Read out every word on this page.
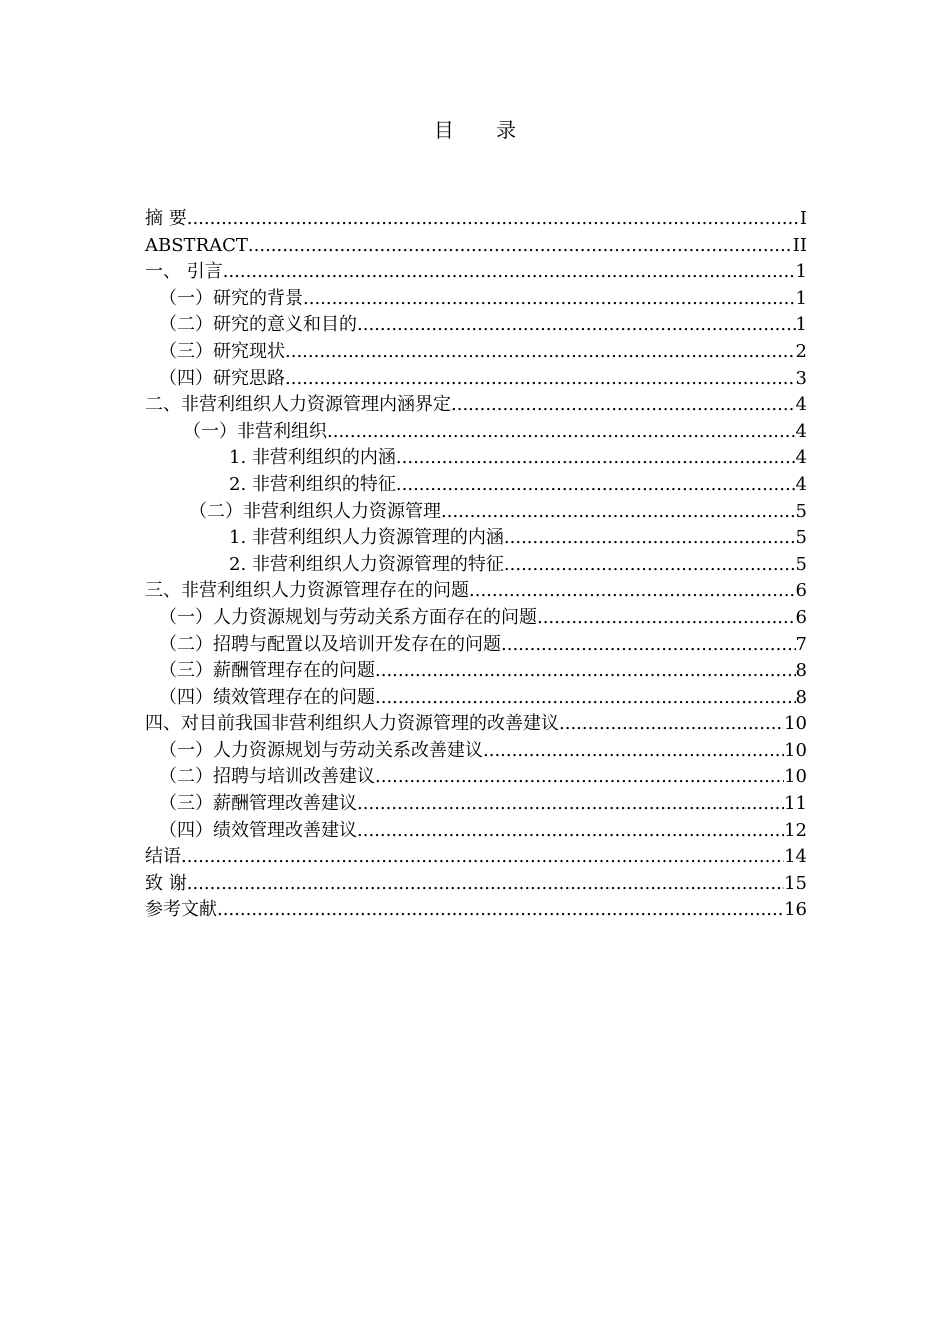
目 录
摘 要 .....	I
ABSTRACT .....	II
一、 引言 .....	1
（一）研究的背景 .....	1
（二）研究的意义和目的 .....	1
（三）研究现状 .....	2
（四）研究思路 .....	3
二、非营利组织人力资源管理内涵界定 .....	4
（一）非营利组织 .....	4
1. 非营利组织的内涵 .....	4
2. 非营利组织的特征 .....	4
（二）非营利组织人力资源管理 .....	5
1. 非营利组织人力资源管理的内涵 .....	5
2. 非营利组织人力资源管理的特征 .....	5
三、非营利组织人力资源管理存在的问题 .....	6
（一）人力资源规划与劳动关系方面存在的问题 .....	6
（二）招聘与配置以及培训开发存在的问题 .....	7
（三）薪酬管理存在的问题 .....	8
（四）绩效管理存在的问题 .....	8
四、对目前我国非营利组织人力资源管理的改善建议 .....	10
（一）人力资源规划与劳动关系改善建议 .....	10
（二）招聘与培训改善建议 .....	10
（三）薪酬管理改善建议 .....	11
（四）绩效管理改善建议 .....	12
结语 .....	14
致 谢 .....	15
参考文献 .....	16
